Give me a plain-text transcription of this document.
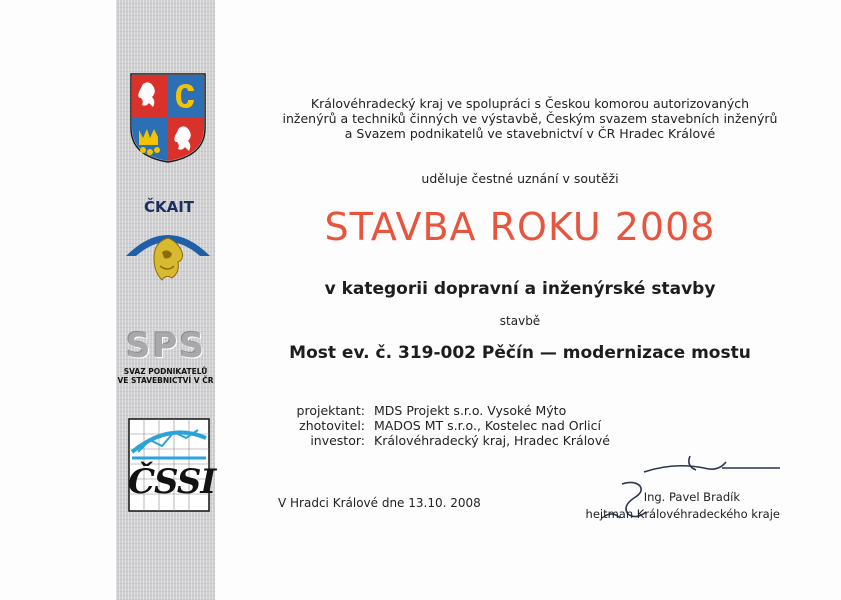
ČKAIT
SPS
SVAZ PODNIKATELŮ
VE STAVEBNICTVÍ V ČR
ČSSI
Královéhradecký kraj ve spolupráci s Českou komorou autorizovaných
inženýrů a techniků činných ve výstavbě, Českým svazem stavebních inženýrů
a Svazem podnikatelů ve stavebnictví v ČR Hradec Králové
uděluje čestné uznání v soutěži
STAVBA ROKU 2008
v kategorii dopravní a inženýrské stavby
stavbě
Most ev. č. 319-002 Pěčín — modernizace mostu
projektant: MDS Projekt s.r.o. Vysoké Mýto
zhotovitel: MADOS MT s.r.o., Kostelec nad Orlicí
investor: Královéhradecký kraj, Hradec Králové
V Hradci Králové dne 13.10. 2008	Ing. Pavel Bradík
hejtman Královéhradeckého kraje
